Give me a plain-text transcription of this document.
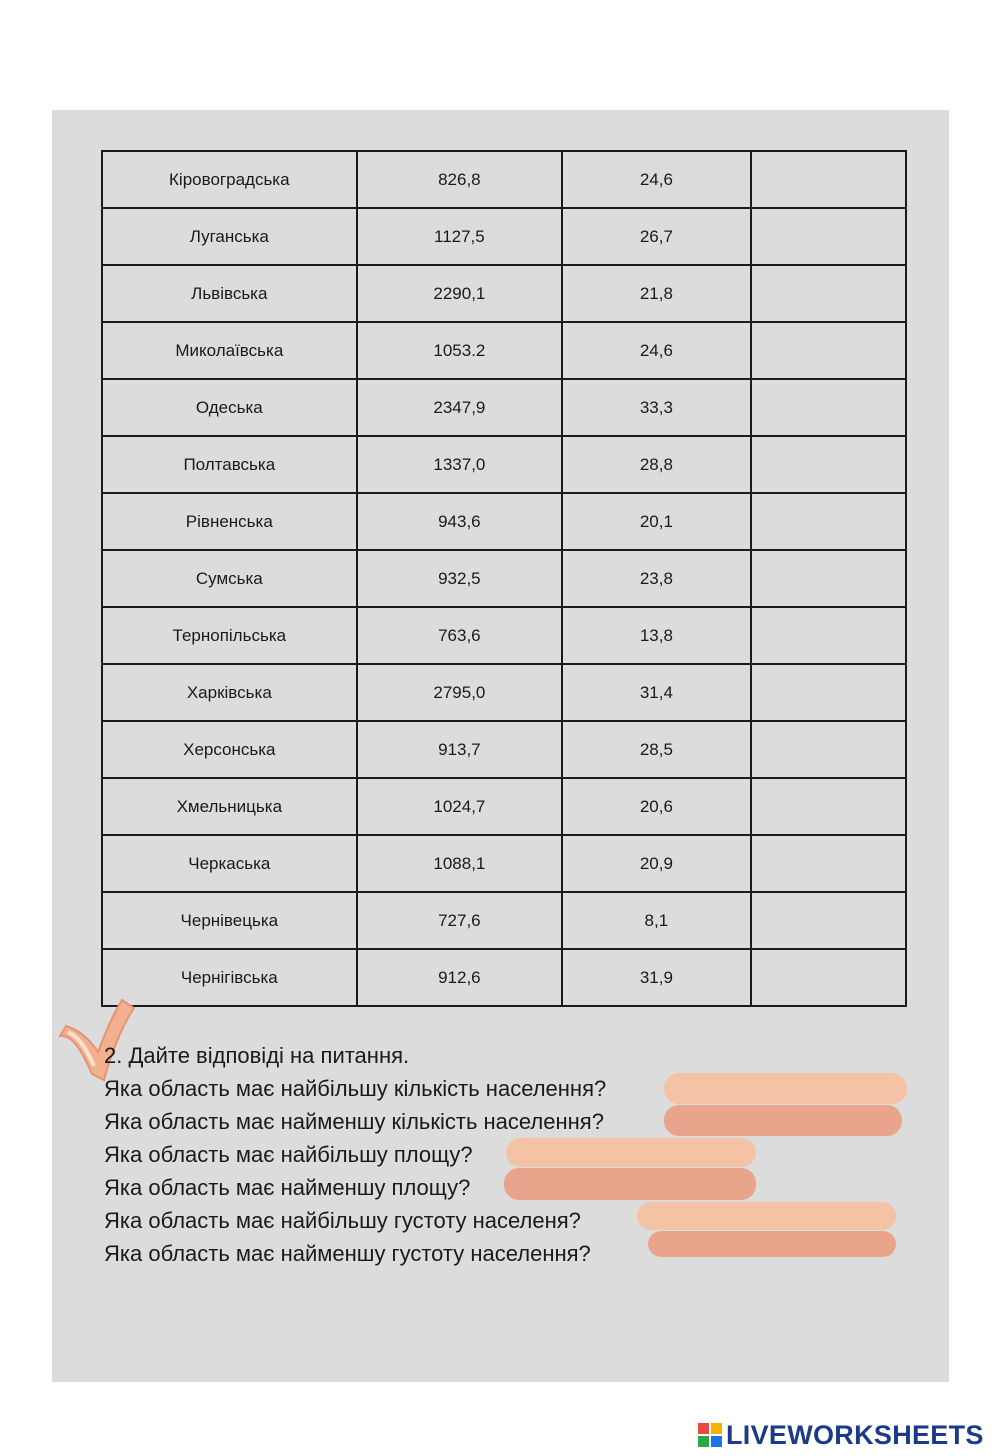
Кіровоградська	826,8	24,6	
Луганська	1127,5	26,7	
Львівська	2290,1	21,8	
Миколаївська	1053.2	24,6	
Одеська	2347,9	33,3	
Полтавська	1337,0	28,8	
Рівненська	943,6	20,1	
Сумська	932,5	23,8	
Тернопільська	763,6	13,8	
Харківська	2795,0	31,4	
Херсонська	913,7	28,5	
Хмельницька	1024,7	20,6	
Черкаська	1088,1	20,9	
Чернівецька	727,6	8,1	
Чернігівська	912,6	31,9	
2. Дайте відповіді на питання.
Яка область має найбільшу кількість населення?
Яка область має найменшу кількість населення?
Яка область має найбільшу площу?
Яка область має найменшу площу?
Яка область має найбільшу густоту населеня?
Яка область має найменшу густоту населення?
LIVEWORKSHEETS
